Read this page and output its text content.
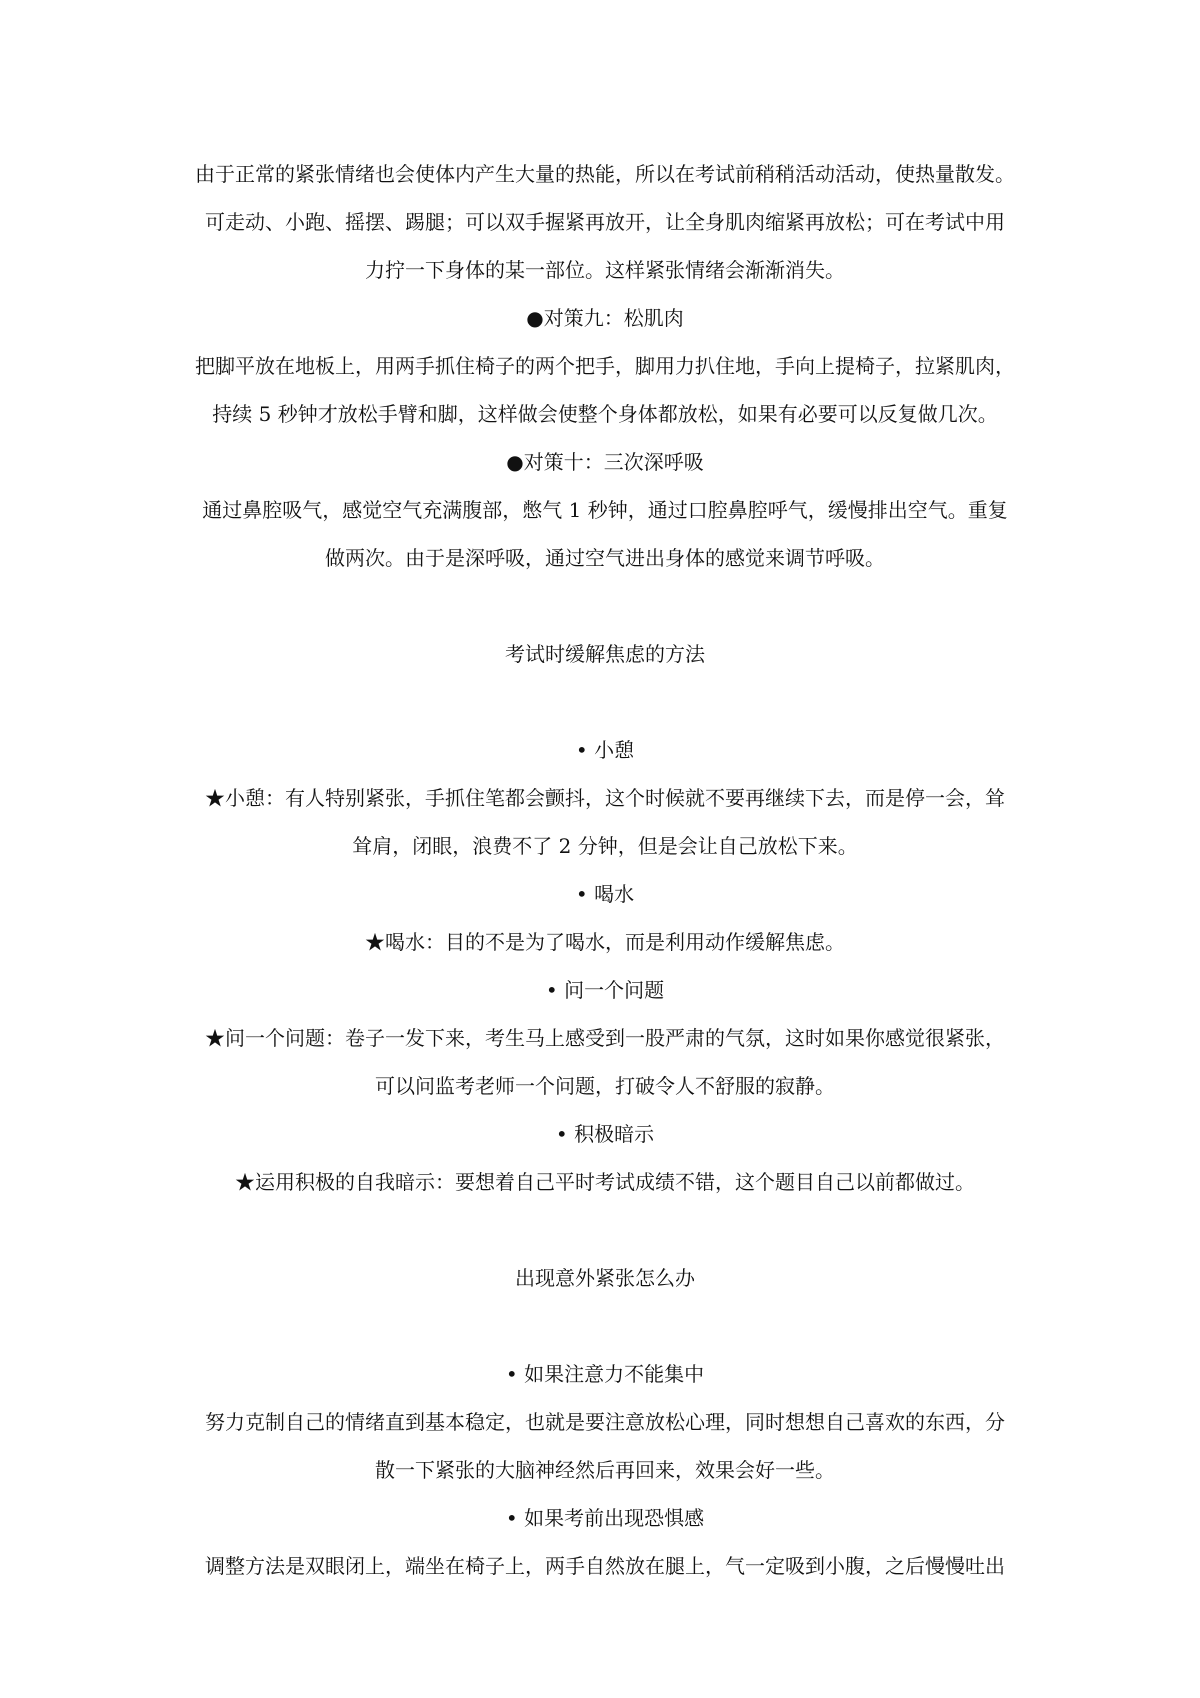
由于正常的紧张情绪也会使体内产生大量的热能，所以在考试前稍稍活动活动，使热量散发。

可走动、小跑、摇摆、踢腿；可以双手握紧再放开，让全身肌肉缩紧再放松；可在考试中用

力拧一下身体的某一部位。这样紧张情绪会渐渐消失。

●对策九：松肌肉

把脚平放在地板上，用两手抓住椅子的两个把手，脚用力扒住地，手向上提椅子，拉紧肌肉，

持续 5 秒钟才放松手臂和脚，这样做会使整个身体都放松，如果有必要可以反复做几次。

●对策十：三次深呼吸

通过鼻腔吸气，感觉空气充满腹部，憋气 1 秒钟，通过口腔鼻腔呼气，缓慢排出空气。重复

做两次。由于是深呼吸，通过空气进出身体的感觉来调节呼吸。

考试时缓解焦虑的方法
• 小憩

★小憩：有人特别紧张，手抓住笔都会颤抖，这个时候就不要再继续下去，而是停一会，耸

耸肩，闭眼，浪费不了 2 分钟，但是会让自己放松下来。

• 喝水

★喝水：目的不是为了喝水，而是利用动作缓解焦虑。

• 问一个问题

★问一个问题：卷子一发下来，考生马上感受到一股严肃的气氛，这时如果你感觉很紧张，

可以问监考老师一个问题，打破令人不舒服的寂静。

• 积极暗示

★运用积极的自我暗示：要想着自己平时考试成绩不错，这个题目自己以前都做过。

出现意外紧张怎么办
• 如果注意力不能集中

努力克制自己的情绪直到基本稳定，也就是要注意放松心理，同时想想自己喜欢的东西，分

散一下紧张的大脑神经然后再回来，效果会好一些。

• 如果考前出现恐惧感

调整方法是双眼闭上，端坐在椅子上，两手自然放在腿上，气一定吸到小腹，之后慢慢吐出
